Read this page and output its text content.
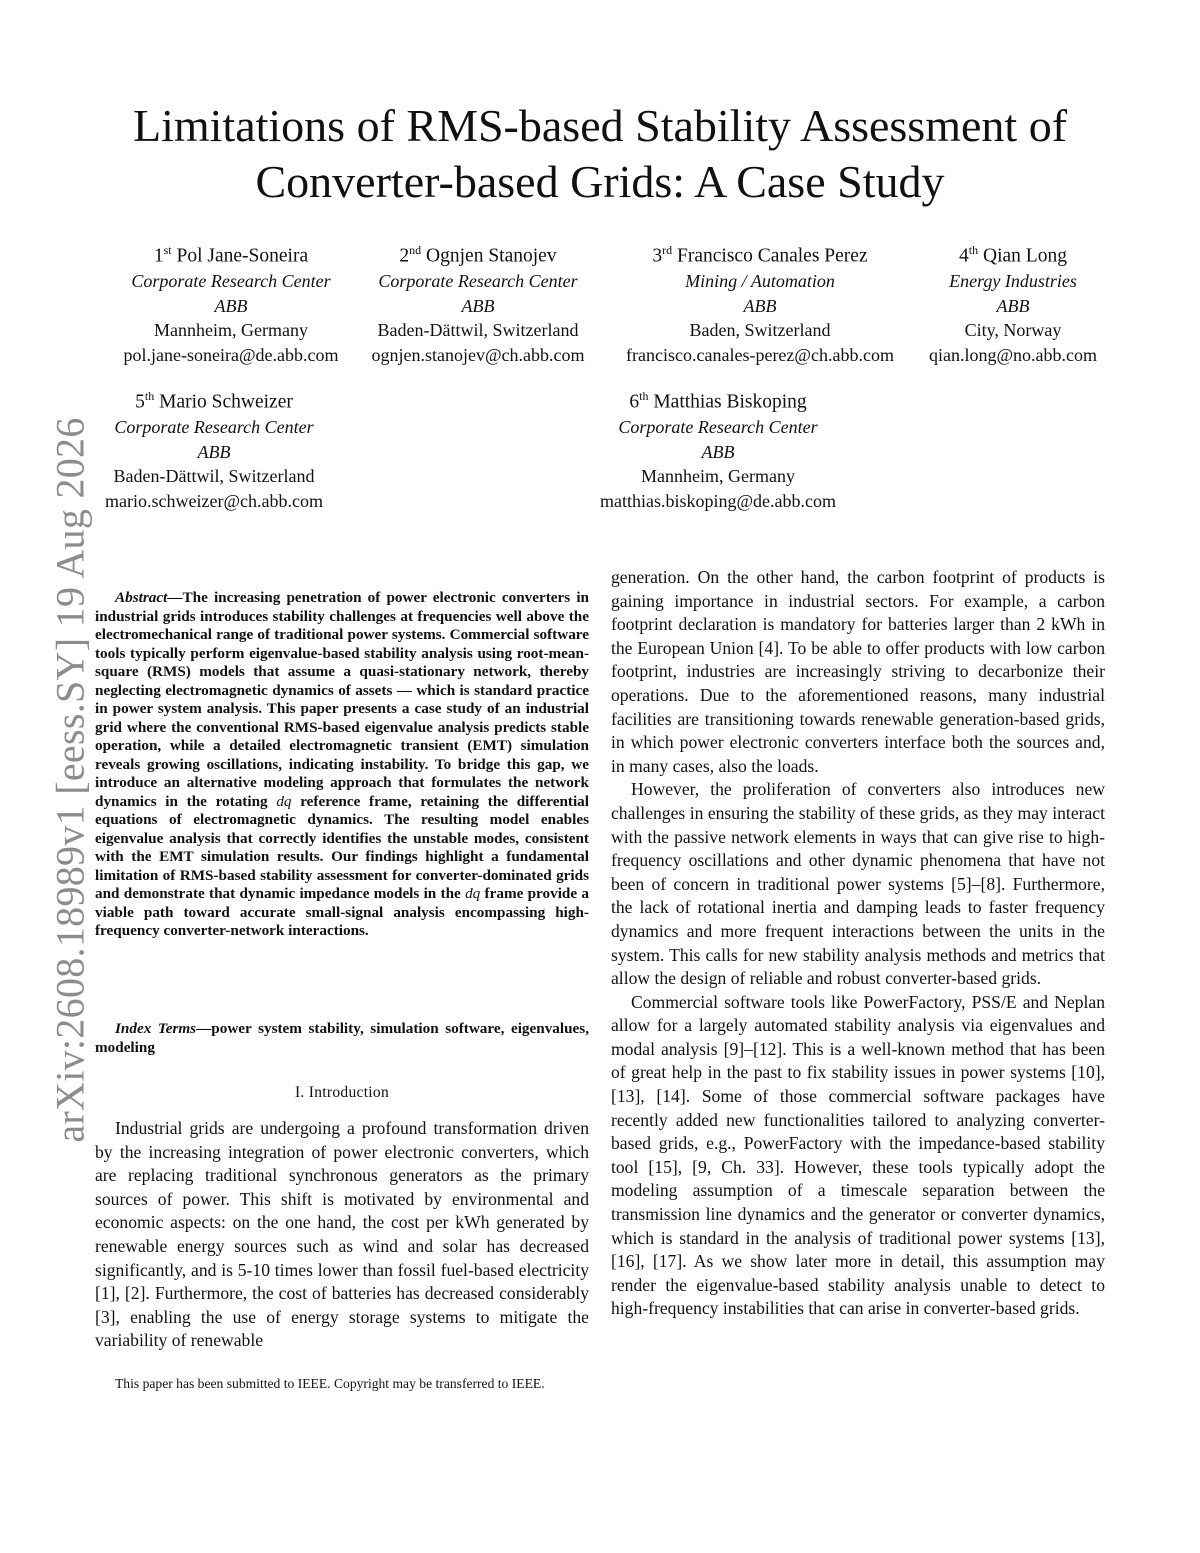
arXiv:2608.18989v1 [eess.SY] 19 Aug 2026
Limitations of RMS-based Stability Assessment of
Converter-based Grids: A Case Study
1st Pol Jane-Soneira
Corporate Research Center
ABB
Mannheim, Germany
pol.jane-soneira@de.abb.com
2nd Ognjen Stanojev
Corporate Research Center
ABB
Baden-Dättwil, Switzerland
ognjen.stanojev@ch.abb.com
3rd Francisco Canales Perez
Mining / Automation
ABB
Baden, Switzerland
francisco.canales-perez@ch.abb.com
4th Qian Long
Energy Industries
ABB
City, Norway
qian.long@no.abb.com
5th Mario Schweizer
Corporate Research Center
ABB
Baden-Dättwil, Switzerland
mario.schweizer@ch.abb.com
6th Matthias Biskoping
Corporate Research Center
ABB
Mannheim, Germany
matthias.biskoping@de.abb.com

Abstract—The increasing penetration of power electronic converters in industrial grids introduces stability challenges at frequencies well above the electromechanical range of traditional power systems. Commercial software tools typically perform eigenvalue-based stability analysis using root-mean-square (RMS) models that assume a quasi-stationary network, thereby neglecting electromagnetic dynamics of assets — which is standard practice in power system analysis. This paper presents a case study of an industrial grid where the conventional RMS-based eigenvalue analysis predicts stable operation, while a detailed electromagnetic transient (EMT) simulation reveals growing oscillations, indicating instability. To bridge this gap, we introduce an alternative modeling approach that formulates the network dynamics in the rotating dq reference frame, retaining the differential equations of electromagnetic dynamics. The resulting model enables eigenvalue analysis that correctly identifies the unstable modes, consistent with the EMT simulation results. Our findings highlight a fundamental limitation of RMS-based stability assessment for converter-dominated grids and demonstrate that dynamic impedance models in the dq frame provide a viable path toward accurate small-signal analysis encompassing high-frequency converter-network interactions.

Index Terms—power system stability, simulation software, eigenvalues, modeling

I. Introduction

Industrial grids are undergoing a profound transformation driven by the increasing integration of power electronic converters, which are replacing traditional synchronous generators as the primary sources of power. This shift is motivated by environmental and economic aspects: on the one hand, the cost per kWh generated by renewable energy sources such as wind and solar has decreased significantly, and is 5-10 times lower than fossil fuel-based electricity [1], [2]. Furthermore, the cost of batteries has decreased considerably [3], enabling the use of energy storage systems to mitigate the variability of renewable

This paper has been submitted to IEEE. Copyright may be transferred to IEEE.

generation. On the other hand, the carbon footprint of products is gaining importance in industrial sectors. For example, a carbon footprint declaration is mandatory for batteries larger than 2 kWh in the European Union [4]. To be able to offer products with low carbon footprint, industries are increasingly striving to decarbonize their operations. Due to the aforementioned reasons, many industrial facilities are transitioning towards renewable generation-based grids, in which power electronic converters interface both the sources and, in many cases, also the loads.

However, the proliferation of converters also introduces new challenges in ensuring the stability of these grids, as they may interact with the passive network elements in ways that can give rise to high-frequency oscillations and other dynamic phenomena that have not been of concern in traditional power systems [5]–[8]. Furthermore, the lack of rotational inertia and damping leads to faster frequency dynamics and more frequent interactions between the units in the system. This calls for new stability analysis methods and metrics that allow the design of reliable and robust converter-based grids.

Commercial software tools like PowerFactory, PSS/E and Neplan allow for a largely automated stability analysis via eigenvalues and modal analysis [9]–[12]. This is a well-known method that has been of great help in the past to fix stability issues in power systems [10], [13], [14]. Some of those commercial software packages have recently added new functionalities tailored to analyzing converter-based grids, e.g., PowerFactory with the impedance-based stability tool [15], [9, Ch. 33]. However, these tools typically adopt the modeling assumption of a timescale separation between the transmission line dynamics and the generator or converter dynamics, which is standard in the analysis of traditional power systems [13], [16], [17]. As we show later more in detail, this assumption may render the eigenvalue-based stability analysis unable to detect to high-frequency instabilities that can arise in converter-based grids.
